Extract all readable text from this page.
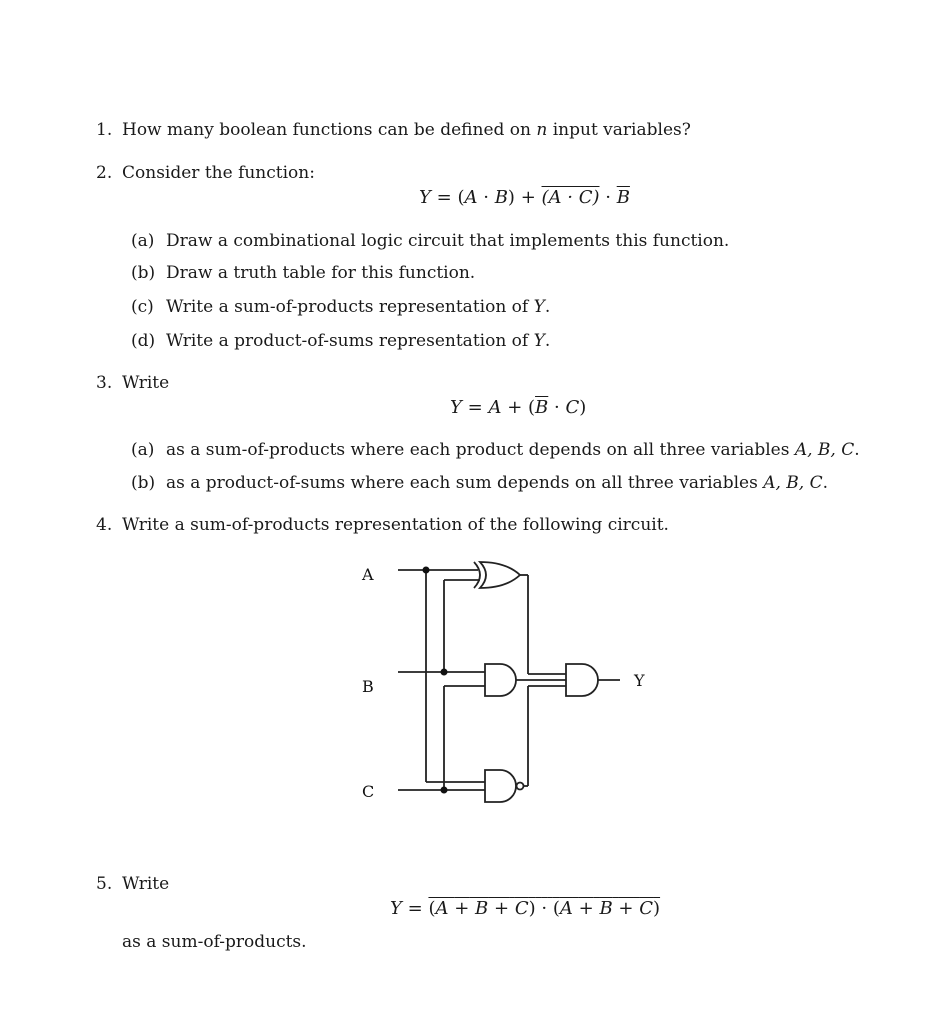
1. How many boolean functions can be defined on n input variables?
2. Consider the function:
$Y = (A \cdot B) + (A \cdot C) \cdot \overline{B}$
(a) Draw a combinational logic circuit that implements this function.
(b) Draw a truth table for this function.
(c) Write a sum-of-products representation of Y.
(d) Write a product-of-sums representation of Y.
3. Write
$Y = A + (\overline{B} \cdot C)$
(a) as a sum-of-products where each product depends on all three variables A, B, C.
(b) as a product-of-sums where each sum depends on all three variables A, B, C.
4. Write a sum-of-products representation of the following circuit.
A
B
C
Y
5. Write
Y = (A + B + C) · (A + B + C)
as a sum-of-products.
